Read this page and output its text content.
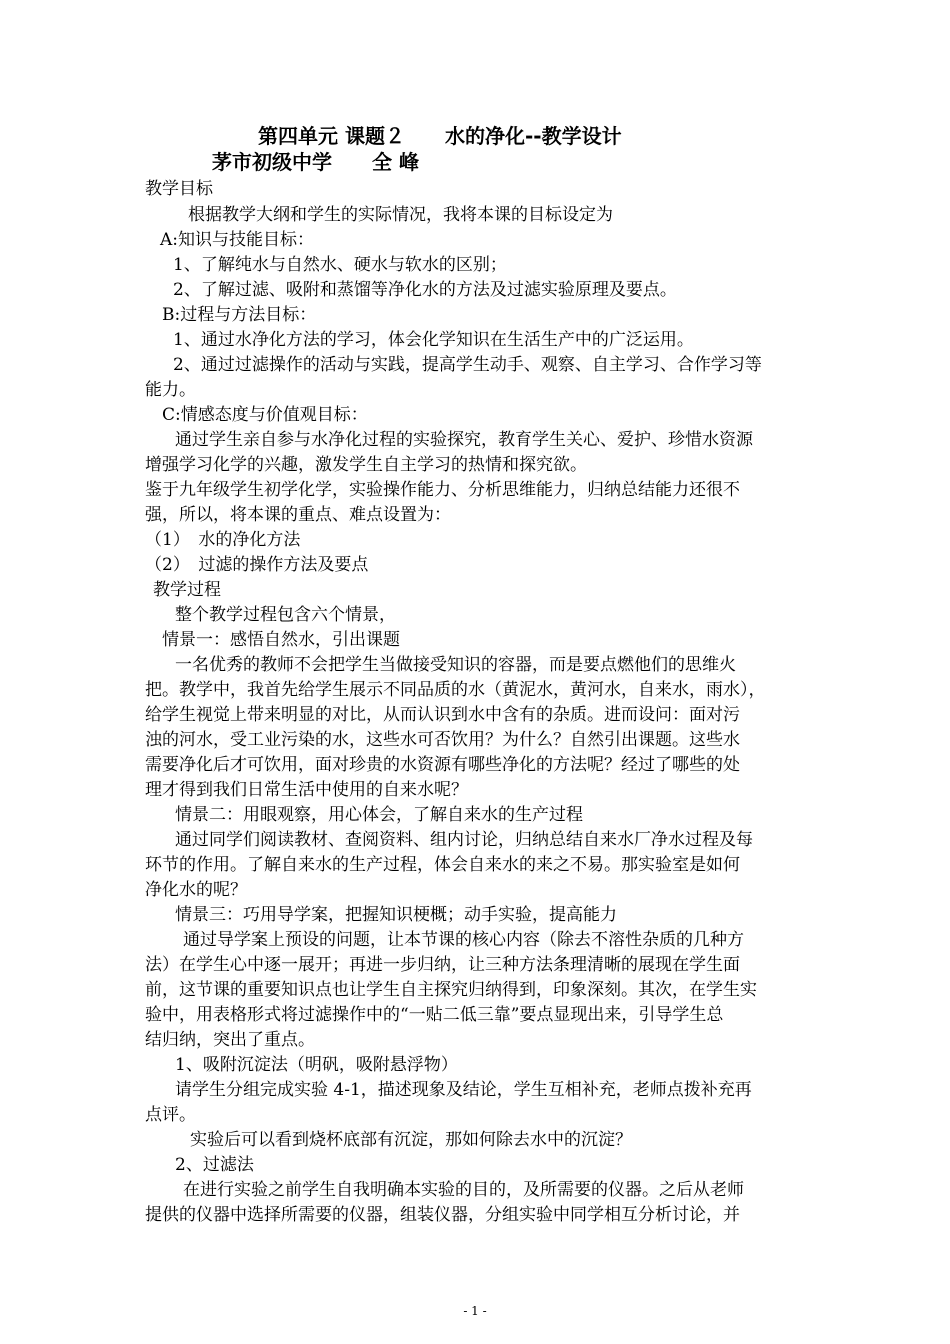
第四单元 课题２　　水的净化--教学设计
茅市初级中学　　全 峰
教学目标
根据教学大纲和学生的实际情况，我将本课的目标设定为
A:知识与技能目标：
1、了解纯水与自然水、硬水与软水的区别；
2、了解过滤、吸附和蒸馏等净化水的方法及过滤实验原理及要点。
B:过程与方法目标：
1、通过水净化方法的学习，体会化学知识在生活生产中的广泛运用。
2、通过过滤操作的活动与实践，提高学生动手、观察、自主学习、合作学习等
能力。
C:情感态度与价值观目标：
通过学生亲自参与水净化过程的实验探究，教育学生关心、爱护、珍惜水资源
增强学习化学的兴趣，激发学生自主学习的热情和探究欲。
鉴于九年级学生初学化学，实验操作能力、分析思维能力，归纳总结能力还很不
强，所以，将本课的重点、难点设置为：
（1）　水的净化方法
（2）　过滤的操作方法及要点
教学过程
整个教学过程包含六个情景，
情景一：感悟自然水，引出课题
一名优秀的教师不会把学生当做接受知识的容器，而是要点燃他们的思维火
把。教学中，我首先给学生展示不同品质的水（黄泥水，黄河水，自来水，雨水），
给学生视觉上带来明显的对比，从而认识到水中含有的杂质。进而设问：面对污
浊的河水，受工业污染的水，这些水可否饮用？为什么？自然引出课题。这些水
需要净化后才可饮用，面对珍贵的水资源有哪些净化的方法呢？经过了哪些的处
理才得到我们日常生活中使用的自来水呢？
情景二：用眼观察，用心体会，了解自来水的生产过程
通过同学们阅读教材、查阅资料、组内讨论，归纳总结自来水厂净水过程及每
环节的作用。了解自来水的生产过程，体会自来水的来之不易。那实验室是如何
净化水的呢？
情景三：巧用导学案，把握知识梗概；动手实验，提高能力
通过导学案上预设的问题，让本节课的核心内容（除去不溶性杂质的几种方
法）在学生心中逐一展开；再进一步归纳，让三种方法条理清晰的展现在学生面
前，这节课的重要知识点也让学生自主探究归纳得到，印象深刻。其次，在学生实
验中，用表格形式将过滤操作中的“一贴二低三靠”要点显现出来，引导学生总
结归纳，突出了重点。
1、吸附沉淀法（明矾，吸附悬浮物）
请学生分组完成实验 4-1，描述现象及结论，学生互相补充，老师点拨补充再
点评。
实验后可以看到烧杯底部有沉淀，那如何除去水中的沉淀？
2、过滤法
在进行实验之前学生自我明确本实验的目的，及所需要的仪器。之后从老师
提供的仪器中选择所需要的仪器，组装仪器，分组实验中同学相互分析讨论，并
- 1 -
